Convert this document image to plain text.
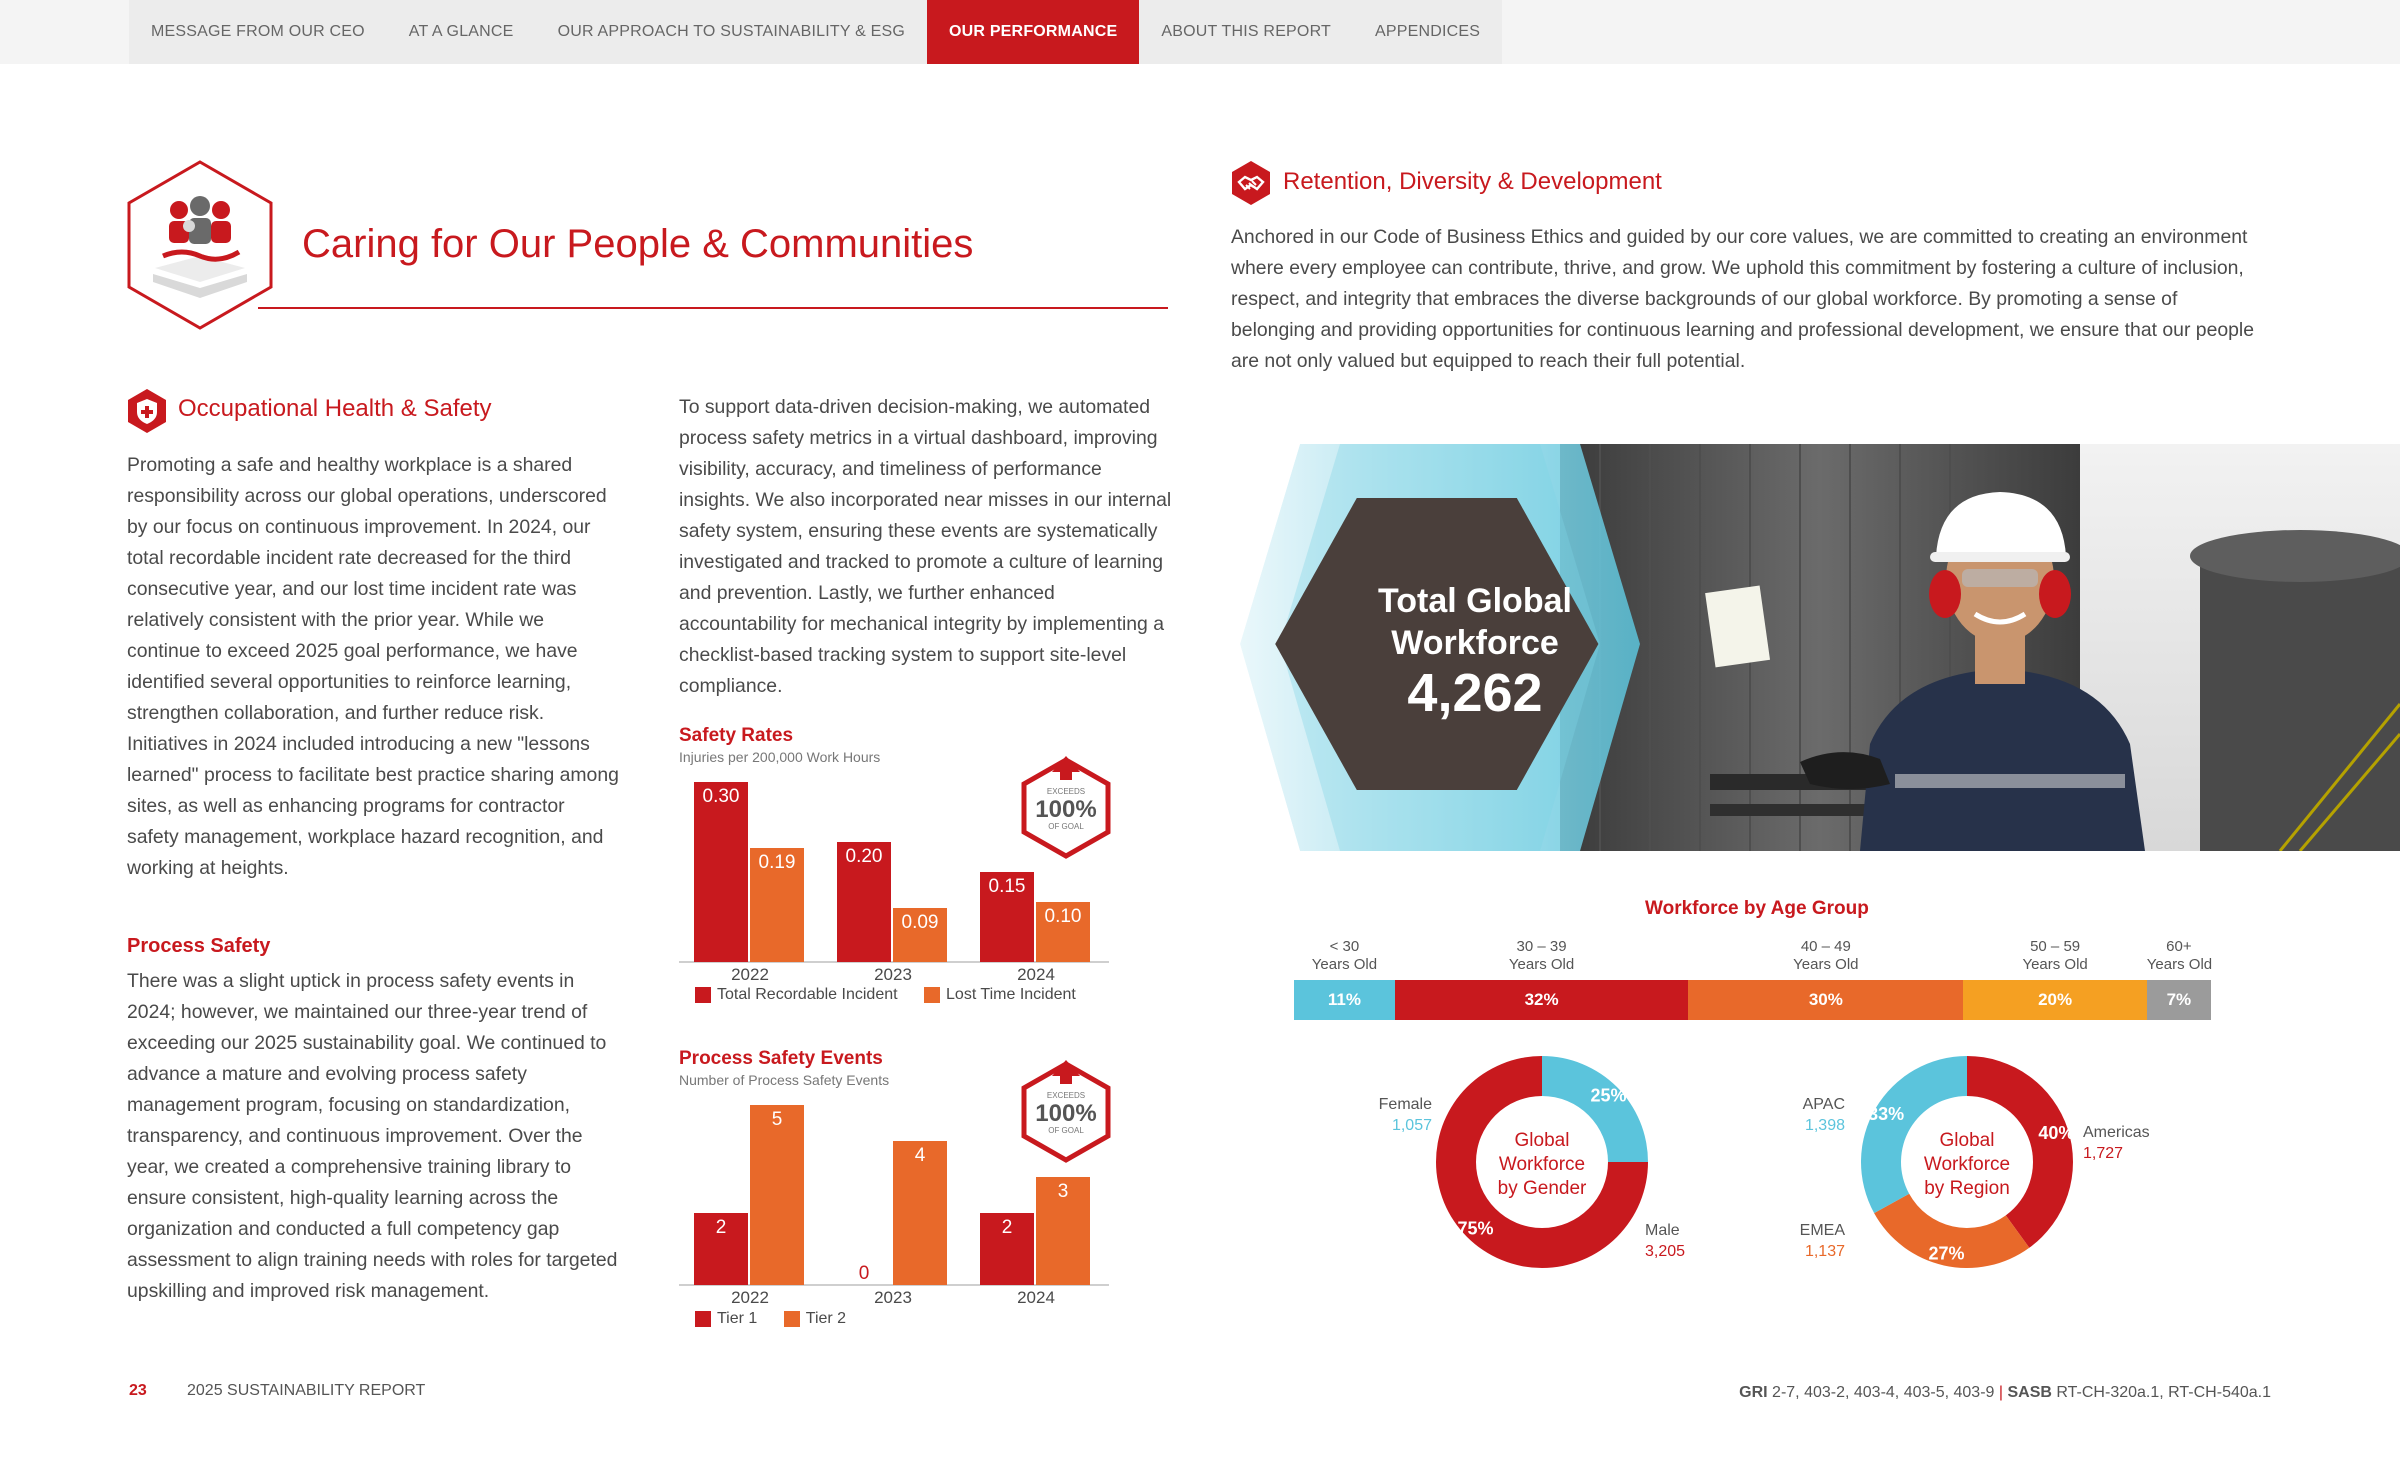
MESSAGE FROM OUR CEO	AT A GLANCE	OUR APPROACH TO SUSTAINABILITY & ESG	OUR PERFORMANCE	ABOUT THIS REPORT	APPENDICES
Caring for Our People & Communities
Occupational Health & Safety
Promoting a safe and healthy workplace is a shared responsibility across our global operations, underscored by our focus on continuous improvement. In 2024, our total recordable incident rate decreased for the third consecutive year, and our lost time incident rate was relatively consistent with the prior year. While we continue to exceed 2025 goal performance, we have identified several opportunities to reinforce learning, strengthen collaboration, and further reduce risk. Initiatives in 2024 included introducing a new "lessons learned" process to facilitate best practice sharing among sites, as well as enhancing programs for contractor safety management, workplace hazard recognition, and working at heights.
Process Safety
There was a slight uptick in process safety events in 2024; however, we maintained our three-year trend of exceeding our 2025 sustainability goal. We continued to advance a mature and evolving process safety management program, focusing on standardization, transparency, and continuous improvement. Over the year, we created a comprehensive training library to ensure consistent, high-quality learning across the organization and conducted a full competency gap assessment to align training needs with roles for targeted upskilling and improved risk management.
To support data-driven decision-making, we automated process safety metrics in a virtual dashboard, improving visibility, accuracy, and timeliness of performance insights. We also incorporated near misses in our internal safety system, ensuring these events are systematically investigated and tracked to promote a culture of learning and prevention. Lastly, we further enhanced accountability for mechanical integrity by implementing a checklist-based tracking system to support site-level compliance.
Safety Rates
Injuries per 200,000 Work Hours
0.30
0.19
2022
0.20
0.09
2023
0.15
0.10
2024
EXCEEDS
100%
OF GOAL
Total Recordable Incident
	Lost Time Incident
Process Safety Events
Number of Process Safety Events
2
5
2022
0
4
2023
2
3
2024
EXCEEDS
100%
OF GOAL
Tier 1
	Tier 2
Retention, Diversity & Development
Anchored in our Code of Business Ethics and guided by our core values, we are committed to creating an environment where every employee can contribute, thrive, and grow. We uphold this commitment by fostering a culture of inclusion, respect, and integrity that embraces the diverse backgrounds of our global workforce. By promoting a sense of belonging and providing opportunities for continuous learning and professional development, we ensure that our people are not only valued but equipped to reach their full potential.
Total Global
Workforce
4,262
Workforce by Age Group
11%
< 30
Years Old
32%
30 – 39
Years Old
30%
40 – 49
Years Old
20%
50 – 59
Years Old
7%
60+
Years Old
25%
Female
1,057
75%	Male
3,205
Global
Workforce
by Gender
40% Americas
1,727
27%
EMEA
1,137
33%
APAC
1,398
Global
Workforce
by Region
23	2025 SUSTAINABILITY REPORT	GRI 2-7, 403-2, 403-4, 403-5, 403-9 | SASB RT-CH-320a.1, RT-CH-540a.1
